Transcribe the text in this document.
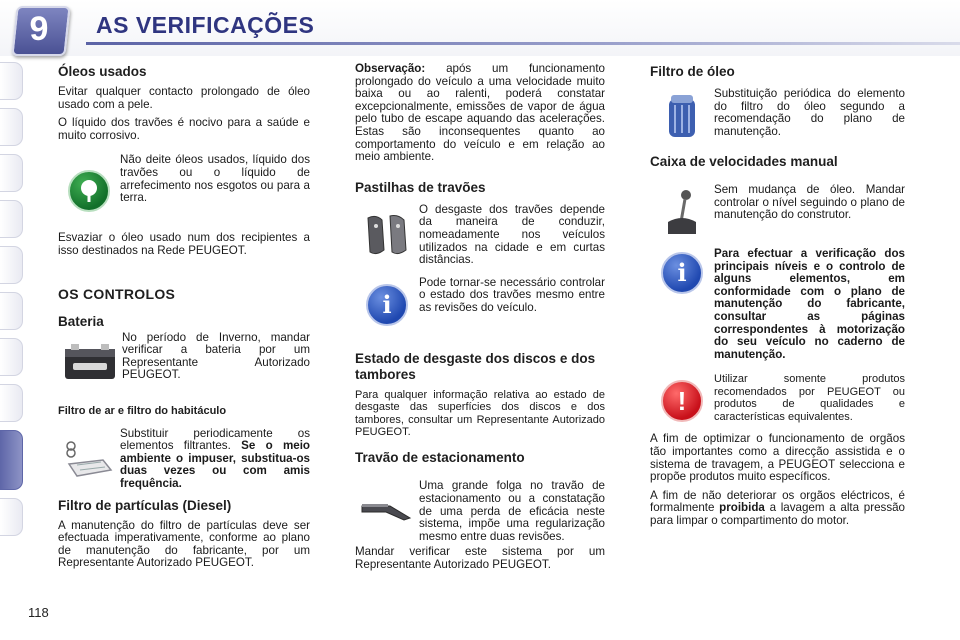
9	AS VERIFICAÇÕES
Óleos usados

Evitar qualquer contacto prolongado de óleo usado com a pele.

O líquido dos travões é nocivo para a saúde e muito corrosivo.

Não deite óleos usados, líquido dos travões ou o líquido de arrefecimento nos esgotos ou para a terra.

Esvaziar o óleo usado num dos recipientes a isso destinados na Rede PEUGEOT.

OS CONTROLOS
Bateria

No período de Inverno, mandar verificar a bateria por um Representante Autorizado PEUGEOT.

Filtro de ar e filtro do habitáculo

Substituir periodicamente os elementos filtrantes. Se o meio ambiente o impuser, substitua-os duas vezes ou com amis frequência.

Filtro de partículas (Diesel)

A manutenção do filtro de partículas deve ser efectuada imperativamente, conforme ao plano de manutenção do fabricante, por um Representante Autorizado PEUGEOT.

Observação: após um funcionamento prolongado do veículo a uma velocidade muito baixa ou ao ralenti, poderá constatar excepcionalmente, emissões de vapor de água pelo tubo de escape aquando das acelerações. Estas são inconsequentes quanto ao comportamento do veículo e em relação ao meio ambiente.

Pastilhas de travões

O desgaste dos travões depende da maneira de conduzir, nomeadamente nos veículos utilizados na cidade e em curtas distâncias.

i

Pode tornar-se necessário controlar o estado dos travões mesmo entre as revisões do veículo.

Estado de desgaste dos discos e dos tambores

Para qualquer informação relativa ao estado de desgaste das superfícies dos discos e dos tambores, consultar um Representante Autorizado PEUGEOT.

Travão de estacionamento

Uma grande folga no travão de estacionamento ou a constatação de uma perda de eficácia neste sistema, impõe uma regularização mesmo entre duas revisões.

Mandar verificar este sistema por um Representante Autorizado PEUGEOT.

Filtro de óleo

Substituição periódica do elemento do filtro do óleo segundo a recomendação do plano de manutenção.

Caixa de velocidades manual

Sem mudança de óleo. Mandar controlar o nível seguindo o plano de manutenção do construtor.

i

Para efectuar a verificação dos principais níveis e o controlo de alguns elementos, em conformidade com o plano de manutenção do fabricante, consultar as páginas correspondentes à motorização do seu veículo no caderno de manutenção.

!

Utilizar somente produtos recomendados por PEUGEOT ou produtos de qualidades e características equivalentes.

A fim de optimizar o funcionamento de orgãos tão importantes como a direcção assistida e o sistema de travagem, a PEUGEOT selecciona e propõe produtos muito específicos.

A fim de não deteriorar os orgãos eléctricos, é formalmente proibida a lavagem a alta pressão para limpar o compartimento do motor.

118
